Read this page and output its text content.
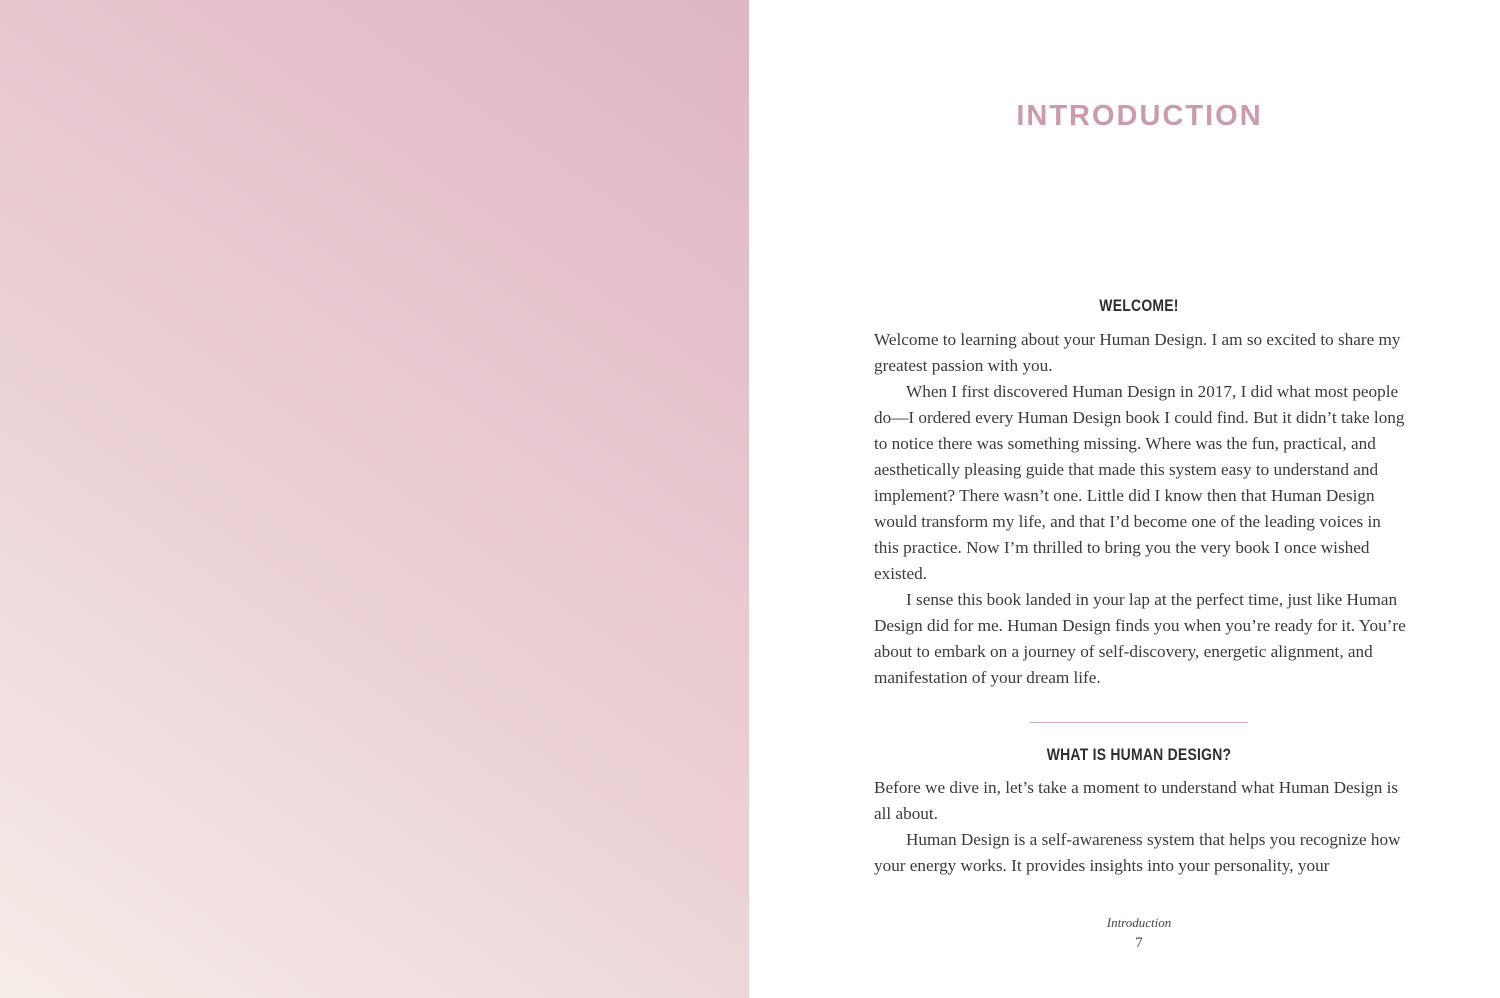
INTRODUCTION
WELCOME!

Welcome to learning about your Human Design. I am so excited to share my greatest passion with you.

When I first discovered Human Design in 2017, I did what most people do—I ordered every Human Design book I could find. But it didn’t take long to notice there was something missing. Where was the fun, practical, and aesthetically pleasing guide that made this system easy to understand and implement? There wasn’t one. Little did I know then that Human Design would transform my life, and that I’d become one of the leading voices in this practice. Now I’m thrilled to bring you the very book I once wished existed.

I sense this book landed in your lap at the perfect time, just like Human Design did for me. Human Design finds you when you’re ready for it. You’re about to embark on a journey of self-discovery, energetic alignment, and manifestation of your dream life.

WHAT IS HUMAN DESIGN?

Before we dive in, let’s take a moment to understand what Human Design is all about.

Human Design is a self-awareness system that helps you recognize how your energy works. It provides insights into your personality, your

Introduction
7
